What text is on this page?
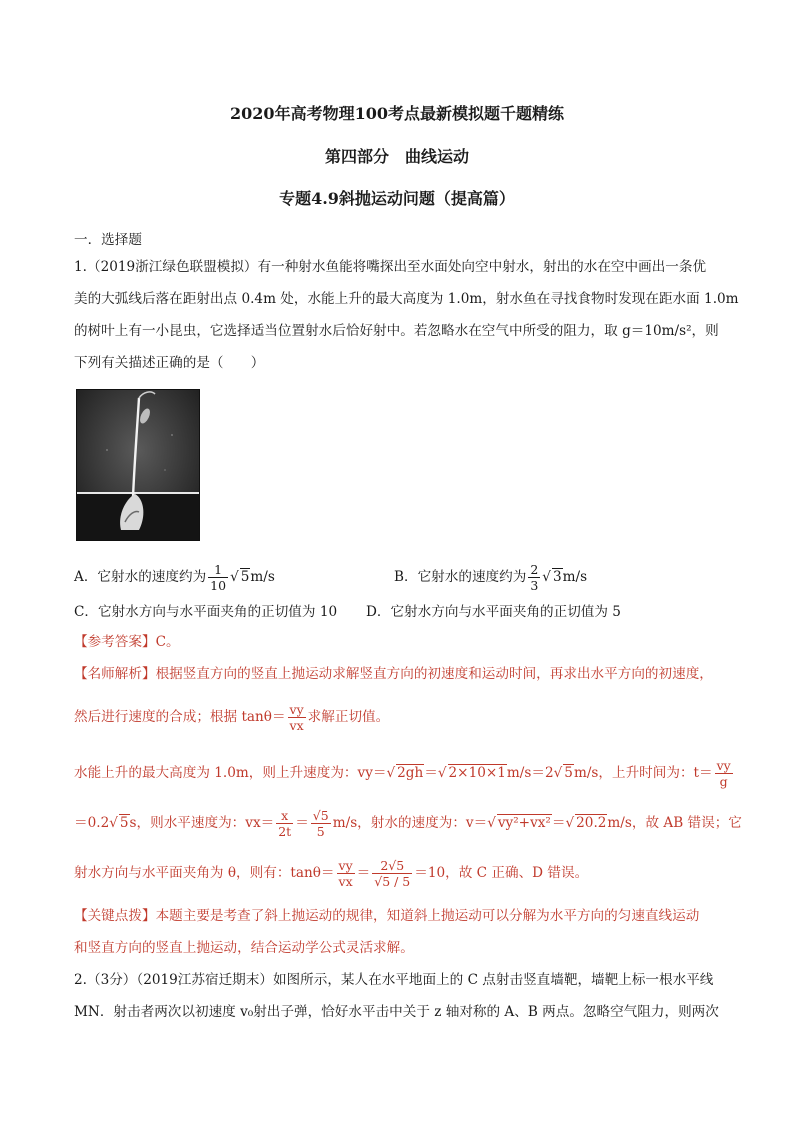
2020年高考物理100考点最新模拟题千题精练
第四部分　曲线运动
专题4.9斜抛运动问题（提高篇）
一．选择题
1.（2019浙江绿色联盟模拟）有一种射水鱼能将嘴探出至水面处向空中射水，射出的水在空中画出一条优
美的大弧线后落在距射出点 0.4m 处，水能上升的最大高度为 1.0m，射水鱼在寻找食物时发现在距水面 1.0m
的树叶上有一小昆虫，它选择适当位置射水后恰好射中。若忽略水在空气中所受的阻力，取 g＝10m/s²，则
下列有关描述正确的是（　　）
A．它射水的速度约为 $\frac{1}{10}$ √ 5m/s	B．它射水的速度约为 $\frac{2}{3}$ √ 3m/s
C．它射水方向与水平面夹角的正切值为 10 D．它射水方向与水平面夹角的正切值为 5
【参考答案】C。
【名师解析】根据竖直方向的竖直上抛运动求解竖直方向的初速度和运动时间，再求出水平方向的初速度，
然后进行速度的合成；根据 $\tan\theta= \frac{vy}{vx}$ 求解正切值。
水能上升的最大高度为 1.0m，则上升速度为：vy＝√ 2gh＝√ 2×10×1m/s＝2√ 5m/s，上升时间为：$t= \frac{vy}{g}$
＝0.2√ 5s，则水平速度为：$vx= \frac{x}{2t} = \frac{√5}{5} m/s$，射水的速度为：v＝√ vy²+vx²＝√ 20.2m/s，故 AB 错误；它
射水方向与水平面夹角为 θ，则有：$\tan\theta= \frac{vy}{vx} = \frac{2√5}{√5 / 5} =10$，故 C 正确、D 错误。
【关键点拨】本题主要是考查了斜上抛运动的规律，知道斜上抛运动可以分解为水平方向的匀速直线运动
和竖直方向的竖直上抛运动，结合运动学公式灵活求解。
2.（3分）（2019江苏宿迁期末）如图所示，某人在水平地面上的 C 点射击竖直墙靶，墙靶上标一根水平线
MN．射击者两次以初速度 v₀射出子弹，恰好水平击中关于 z 轴对称的 A、B 两点。忽略空气阻力，则两次
